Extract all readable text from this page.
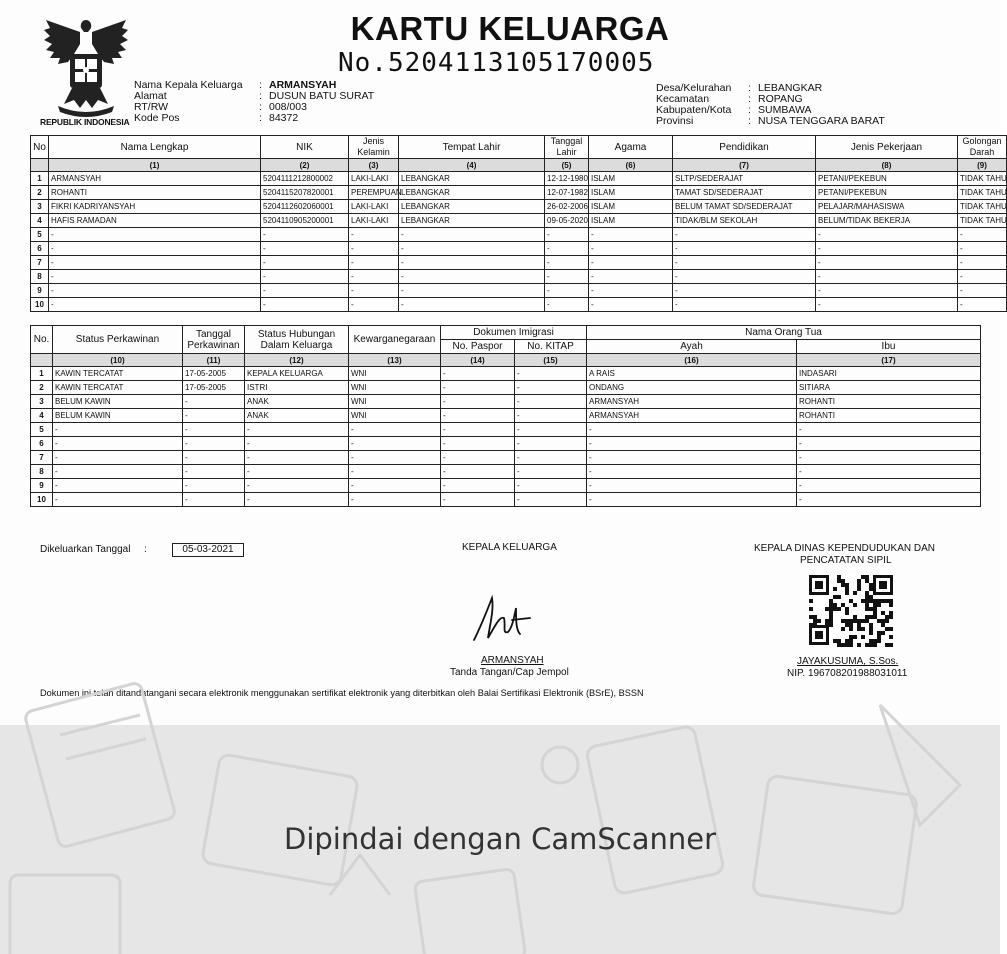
REPUBLIK INDONESIA
KARTU KELUARGA
No.5204113105170005
Nama Kepala Keluarga	: ARMANSYAH
Alamat	: DUSUN BATU SURAT
RT/RW	: 008/003
Kode Pos	: 84372
Desa/Kelurahan	: LEBANGKAR
Kecamatan	: ROPANG
Kabupaten/Kota	: SUMBAWA
Provinsi	: NUSA TENGGARA BARAT
No	Nama Lengkap	NIK	Jenis Kelamin	Tempat Lahir	Tanggal Lahir	Agama	Pendidikan	Jenis Pekerjaan	Golongan Darah
	(1)	(2)	(3)	(4)	(5)	(6)	(7)	(8)	(9)
1	ARMANSYAH	5204111212800002	LAKI-LAKI	LEBANGKAR	12-12-1980	ISLAM	SLTP/SEDERAJAT	PETANI/PEKEBUN	TIDAK TAHU
2	ROHANTI	5204115207820001	PEREMPUAN	LEBANGKAR	12-07-1982	ISLAM	TAMAT SD/SEDERAJAT	PETANI/PEKEBUN	TIDAK TAHU
3	FIKRI KADRIYANSYAH	5204112602060001	LAKI-LAKI	LEBANGKAR	26-02-2006	ISLAM	BELUM TAMAT SD/SEDERAJAT	PELAJAR/MAHASISWA	TIDAK TAHU
4	HAFIS RAMADAN	5204110905200001	LAKI-LAKI	LEBANGKAR	09-05-2020	ISLAM	TIDAK/BLM SEKOLAH	BELUM/TIDAK BEKERJA	TIDAK TAHU
5	-	-	-	-	-	-	-	-	-
6	-	-	-	-	-	-	-	-	-
7	-	-	-	-	-	-	-	-	-
8	-	-	-	-	-	-	-	-	-
9	-	-	-	-	-	-	-	-	-
10	-	-	-	-	-	-	-	-	-
No.	Status Perkawinan	Tanggal Perkawinan	Status Hubungan Dalam Keluarga	Kewarganegaraan	Dokumen Imigrasi		Nama Orang Tua	
					No. Paspor	No. KITAP	Ayah	Ibu
	(10)	(11)	(12)	(13)	(14)	(15)	(16)	(17)
1	KAWIN TERCATAT	17-05-2005	KEPALA KELUARGA	WNI	-	-	A RAIS	INDASARI
2	KAWIN TERCATAT	17-05-2005	ISTRI	WNI	-	-	ONDANG	SITIARA
3	BELUM KAWIN	-	ANAK	WNI	-	-	ARMANSYAH	ROHANTI
4	BELUM KAWIN	-	ANAK	WNI	-	-	ARMANSYAH	ROHANTI
5	-	-	-	-	-	-	-	-
6	-	-	-	-	-	-	-	-
7	-	-	-	-	-	-	-	-
8	-	-	-	-	-	-	-	-
9	-	-	-	-	-	-	-	-
10	-	-	-	-	-	-	-	-
Dikeluarkan Tanggal :	05-03-2021	KEPALA KELUARGA
ARMANSYAH
Tanda Tangan/Cap Jempol
KEPALA DINAS KEPENDUDUKAN DAN
PENCATATAN SIPIL
JAYAKUSUMA, S.Sos.
NIP. 196708201988031011
Dokumen ini telah ditandatangani secara elektronik menggunakan sertifikat elektronik yang diterbitkan oleh Balai Sertifikasi Elektronik (BSrE), BSSN
Dipindai dengan CamScanner
